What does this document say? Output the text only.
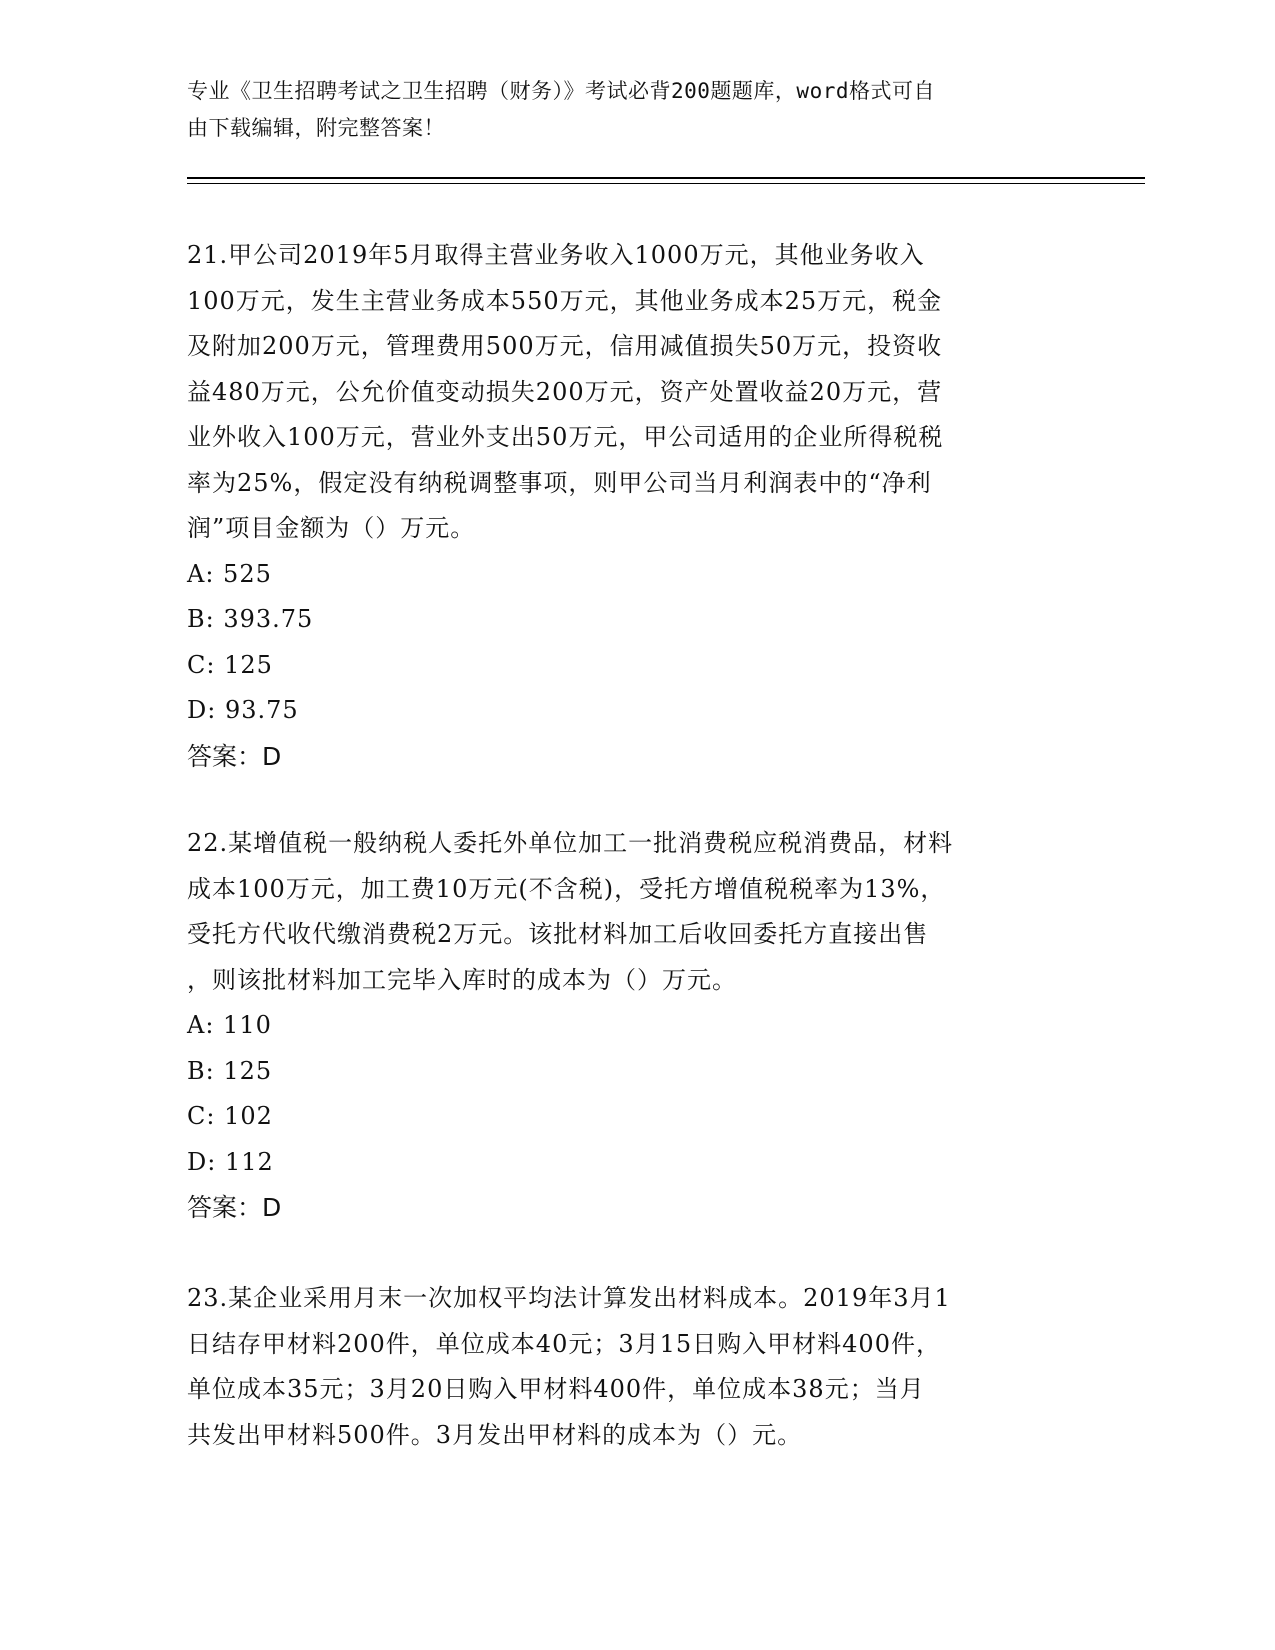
专业《卫生招聘考试之卫生招聘（财务）》考试必背200题题库，word格式可自
由下载编辑，附完整答案！

21.甲公司2019年5月取得主营业务收入1000万元，其他业务收入

100万元，发生主营业务成本550万元，其他业务成本25万元，税金

及附加200万元，管理费用500万元，信用减值损失50万元，投资收

益480万元，公允价值变动损失200万元，资产处置收益20万元，营

业外收入100万元，营业外支出50万元，甲公司适用的企业所得税税

率为25%，假定没有纳税调整事项，则甲公司当月利润表中的“净利

润”项目金额为（）万元。

A: 525

B: 393.75

C: 125

D: 93.75

答案：D

22.某增值税一般纳税人委托外单位加工一批消费税应税消费品，材料

成本100万元，加工费10万元(不含税)，受托方增值税税率为13%，

受托方代收代缴消费税2万元。该批材料加工后收回委托方直接出售

，则该批材料加工完毕入库时的成本为（）万元。

A: 110

B: 125

C: 102

D: 112

答案：D

23.某企业采用月末一次加权平均法计算发出材料成本。2019年3月1

日结存甲材料200件，单位成本40元；3月15日购入甲材料400件，

单位成本35元；3月20日购入甲材料400件，单位成本38元；当月

共发出甲材料500件。3月发出甲材料的成本为（）元。
